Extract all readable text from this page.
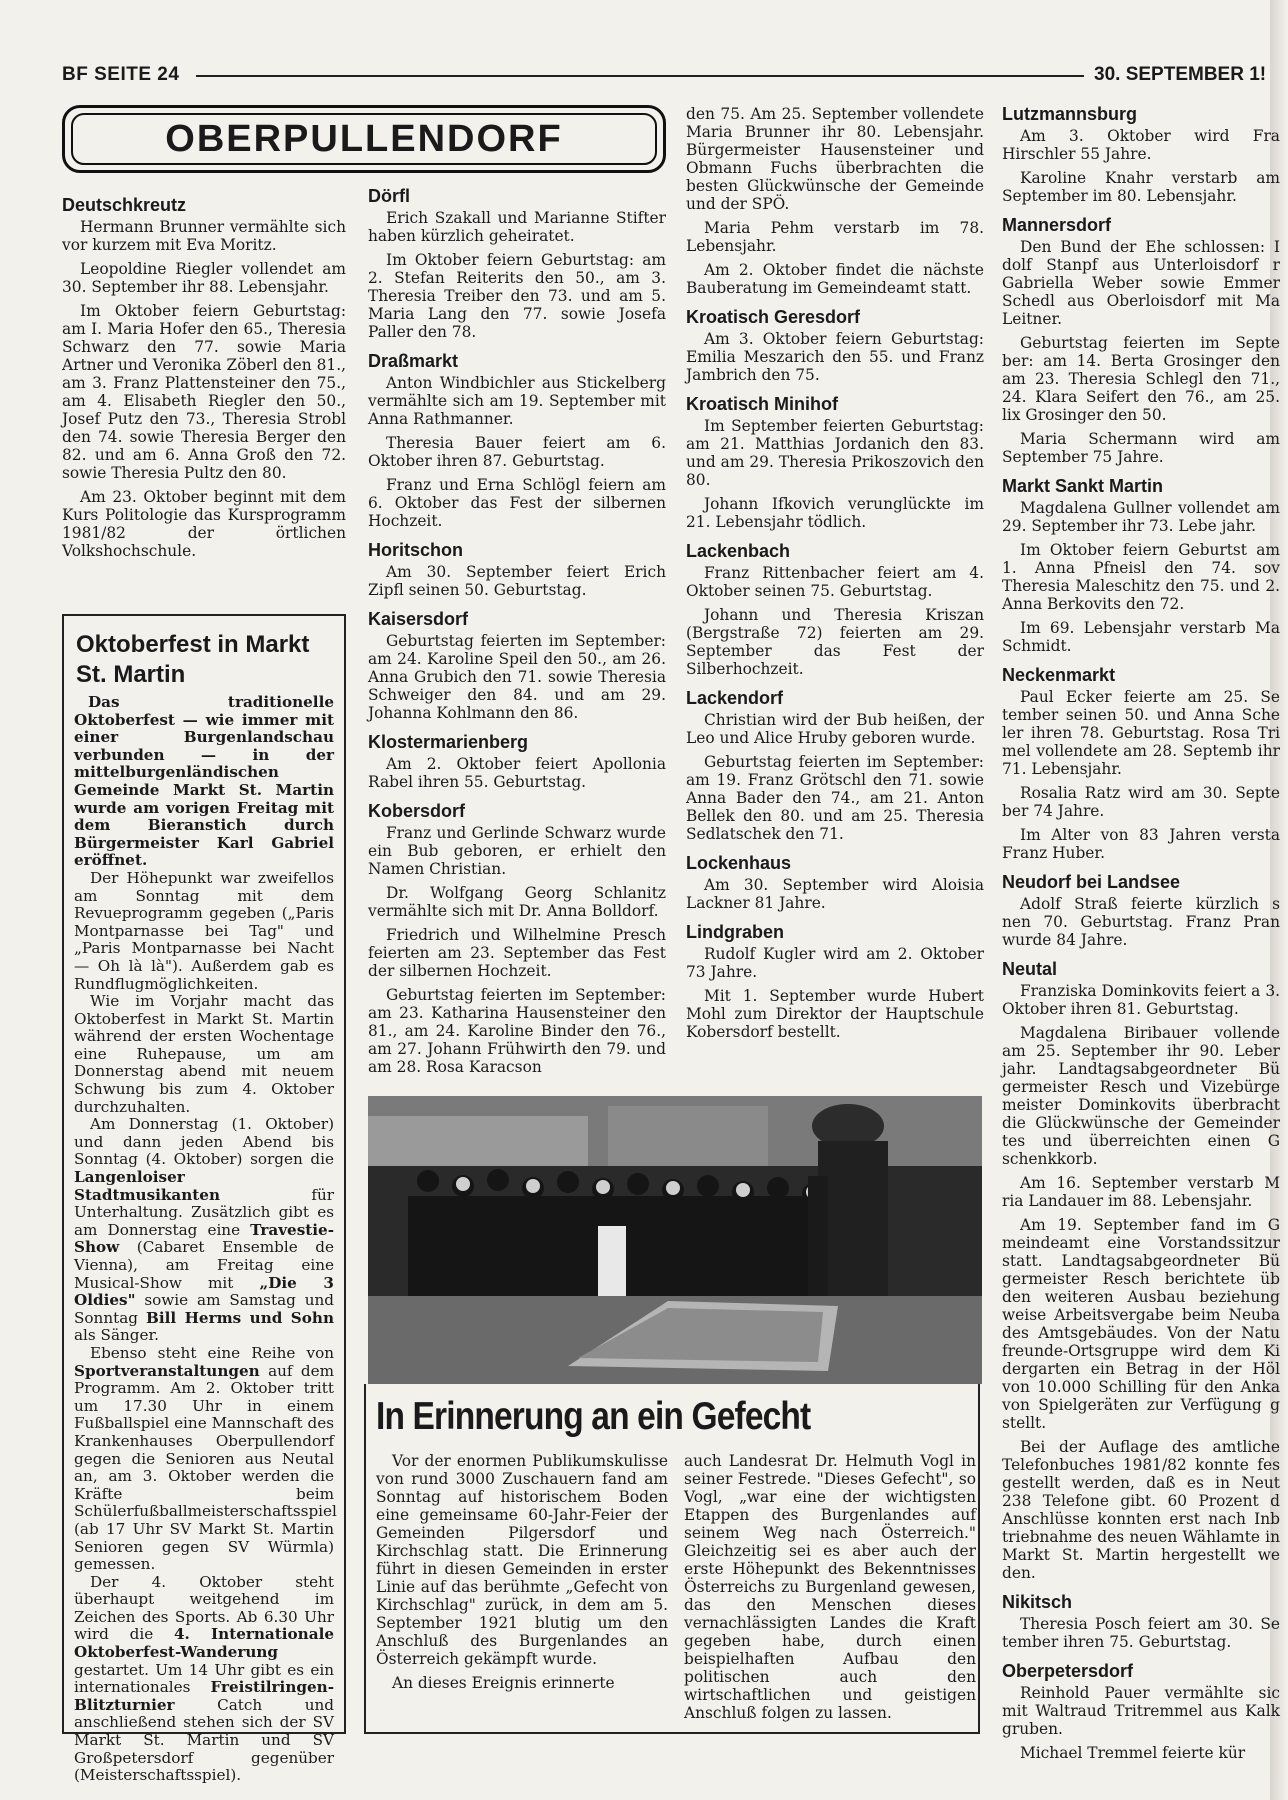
BF SEITE 24	30. SEPTEMBER 1!
OBERPULLENDORF
Deutschkreutz

Hermann Brunner vermählte sich vor kurzem mit Eva Moritz.

Leopoldine Riegler vollendet am 30. September ihr 88. Lebensjahr.

Im Oktober feiern Geburtstag: am I. Maria Hofer den 65., Theresia Schwarz den 77. sowie Maria Artner und Veronika Zöberl den 81., am 3. Franz Plattensteiner den 75., am 4. Elisabeth Riegler den 50., Josef Putz den 73., Theresia Strobl den 74. sowie Theresia Berger den 82. und am 6. Anna Groß den 72. sowie Theresia Pultz den 80.

Am 23. Oktober beginnt mit dem Kurs Politologie das Kursprogramm 1981/82 der örtlichen Volkshochschule.

Oktoberfest in Markt St. Martin

Das traditionelle Oktoberfest — wie immer mit einer Burgenlandschau verbunden — in der mittelburgenländischen Gemeinde Markt St. Martin wurde am vorigen Freitag mit dem Bieranstich durch Bürgermeister Karl Gabriel eröffnet.

Der Höhepunkt war zweifellos am Sonntag mit dem Revueprogramm gegeben („Paris Montparnasse bei Tag" und „Paris Montparnasse bei Nacht — Oh là là"). Außerdem gab es Rundflugmöglichkeiten.

Wie im Vorjahr macht das Oktoberfest in Markt St. Martin während der ersten Wochentage eine Ruhepause, um am Donnerstag abend mit neuem Schwung bis zum 4. Oktober durchzuhalten.

Am Donnerstag (1. Oktober) und dann jeden Abend bis Sonntag (4. Oktober) sorgen die Langenloiser Stadtmusikanten für Unterhaltung. Zusätzlich gibt es am Donnerstag eine Travestie-Show (Cabaret Ensemble de Vienna), am Freitag eine Musical-Show mit „Die 3 Oldies" sowie am Samstag und Sonntag Bill Herms und Sohn als Sänger.

Ebenso steht eine Reihe von Sportveranstaltungen auf dem Programm. Am 2. Oktober tritt um 17.30 Uhr in einem Fußballspiel eine Mannschaft des Krankenhauses Oberpullendorf gegen die Senioren aus Neutal an, am 3. Oktober werden die Kräfte beim Schülerfußballmeisterschaftsspiel (ab 17 Uhr SV Markt St. Martin Senioren gegen SV Würmla) gemessen.

Der 4. Oktober steht überhaupt weitgehend im Zeichen des Sports. Ab 6.30 Uhr wird die 4. Internationale Oktoberfest-Wanderung gestartet. Um 14 Uhr gibt es ein internationales Freistilringen-Blitzturnier Catch und anschließend stehen sich der SV Markt St. Martin und SV Großpetersdorf gegenüber (Meisterschaftsspiel).

Dörfl

Erich Szakall und Marianne Stifter haben kürzlich geheiratet.

Im Oktober feiern Geburtstag: am 2. Stefan Reiterits den 50., am 3. Theresia Treiber den 73. und am 5. Maria Lang den 77. sowie Josefa Paller den 78.

Draßmarkt

Anton Windbichler aus Stickelberg vermählte sich am 19. September mit Anna Rathmanner.

Theresia Bauer feiert am 6. Oktober ihren 87. Geburtstag.

Franz und Erna Schlögl feiern am 6. Oktober das Fest der silbernen Hochzeit.

Horitschon

Am 30. September feiert Erich Zipfl seinen 50. Geburtstag.

Kaisersdorf

Geburtstag feierten im September: am 24. Karoline Speil den 50., am 26. Anna Grubich den 71. sowie Theresia Schweiger den 84. und am 29. Johanna Kohlmann den 86.

Klostermarienberg

Am 2. Oktober feiert Apollonia Rabel ihren 55. Geburtstag.

Kobersdorf

Franz und Gerlinde Schwarz wurde ein Bub geboren, er erhielt den Namen Christian.

Dr. Wolfgang Georg Schlanitz vermählte sich mit Dr. Anna Bolldorf.

Friedrich und Wilhelmine Presch feierten am 23. September das Fest der silbernen Hochzeit.

Geburtstag feierten im September: am 23. Katharina Hausensteiner den 81., am 24. Karoline Binder den 76., am 27. Johann Frühwirth den 79. und am 28. Rosa Karacson

den 75. Am 25. September vollendete Maria Brunner ihr 80. Lebensjahr. Bürgermeister Hausensteiner und Obmann Fuchs überbrachten die besten Glückwünsche der Gemeinde und der SPÖ.

Maria Pehm verstarb im 78. Lebensjahr.

Am 2. Oktober findet die nächste Bauberatung im Gemeindeamt statt.

Kroatisch Geresdorf

Am 3. Oktober feiern Geburtstag: Emilia Meszarich den 55. und Franz Jambrich den 75.

Kroatisch Minihof

Im September feierten Geburtstag: am 21. Matthias Jordanich den 83. und am 29. Theresia Prikoszovich den 80.

Johann Ifkovich verunglückte im 21. Lebensjahr tödlich.

Lackenbach

Franz Rittenbacher feiert am 4. Oktober seinen 75. Geburtstag.

Johann und Theresia Kriszan (Bergstraße 72) feierten am 29. September das Fest der Silberhochzeit.

Lackendorf

Christian wird der Bub heißen, der Leo und Alice Hruby geboren wurde.

Geburtstag feierten im September: am 19. Franz Grötschl den 71. sowie Anna Bader den 74., am 21. Anton Bellek den 80. und am 25. Theresia Sedlatschek den 71.

Lockenhaus

Am 30. September wird Aloisia Lackner 81 Jahre.

Lindgraben

Rudolf Kugler wird am 2. Oktober 73 Jahre.

Mit 1. September wurde Hubert Mohl zum Direktor der Hauptschule Kobersdorf bestellt.

Lutzmannsburg

Am 3. Oktober wird Fra Hirschler 55 Jahre.

Karoline Knahr verstarb am September im 80. Lebensjahr.

Mannersdorf

Den Bund der Ehe schlossen: I dolf Stanpf aus Unterloisdorf r Gabriella Weber sowie Emmer Schedl aus Oberloisdorf mit Ma Leitner.

Geburtstag feierten im Septe ber: am 14. Berta Grosinger den am 23. Theresia Schlegl den 71., 24. Klara Seifert den 76., am 25. lix Grosinger den 50.

Maria Schermann wird am September 75 Jahre.

Markt Sankt Martin

Magdalena Gullner vollendet am 29. September ihr 73. Lebe jahr.

Im Oktober feiern Geburtst am 1. Anna Pfneisl den 74. sov Theresia Maleschitz den 75. und 2. Anna Berkovits den 72.

Im 69. Lebensjahr verstarb Ma Schmidt.

Neckenmarkt

Paul Ecker feierte am 25. Se tember seinen 50. und Anna Sche ler ihren 78. Geburtstag. Rosa Tri mel vollendete am 28. Septemb ihr 71. Lebensjahr.

Rosalia Ratz wird am 30. Septe ber 74 Jahre.

Im Alter von 83 Jahren versta Franz Huber.

Neudorf bei Landsee

Adolf Straß feierte kürzlich s nen 70. Geburtstag. Franz Pran wurde 84 Jahre.

Neutal

Franziska Dominkovits feiert a 3. Oktober ihren 81. Geburtstag.

Magdalena Biribauer vollende am 25. September ihr 90. Leber jahr. Landtagsabgeordneter Bü germeister Resch und Vizebürge meister Dominkovits überbracht die Glückwünsche der Gemeinder tes und überreichten einen G schenkkorb.

Am 16. September verstarb M ria Landauer im 88. Lebensjahr.

Am 19. September fand im G meindeamt eine Vorstandssitzur statt. Landtagsabgeordneter Bü germeister Resch berichtete üb den weiteren Ausbau beziehung weise Arbeitsvergabe beim Neuba des Amtsgebäudes. Von der Natu freunde-Ortsgruppe wird dem Ki dergarten ein Betrag in der Höl von 10.000 Schilling für den Anka von Spielgeräten zur Verfügung g stellt.

Bei der Auflage des amtliche Telefonbuches 1981/82 konnte fes gestellt werden, daß es in Neut 238 Telefone gibt. 60 Prozent d Anschlüsse konnten erst nach Inb triebnahme des neuen Wählamte in Markt St. Martin hergestellt we den.

Nikitsch

Theresia Posch feiert am 30. Se tember ihren 75. Geburtstag.

Oberpetersdorf

Reinhold Pauer vermählte sic mit Waltraud Tritremmel aus Kalk gruben.

Michael Tremmel feierte kür

In Erinnerung an ein Gefecht

Vor der enormen Publikumskulisse von rund 3000 Zuschauern fand am Sonntag auf historischem Boden eine gemeinsame 60-Jahr-Feier der Gemeinden Pilgersdorf und Kirchschlag statt. Die Erinnerung führt in diesen Gemeinden in erster Linie auf das berühmte „Gefecht von Kirchschlag" zurück, in dem am 5. September 1921 blutig um den Anschluß des Burgenlandes an Österreich gekämpft wurde.

An dieses Ereignis erinnerte

auch Landesrat Dr. Helmuth Vogl in seiner Festrede. "Dieses Gefecht", so Vogl, „war eine der wichtigsten Etappen des Burgenlandes auf seinem Weg nach Österreich." Gleichzeitig sei es aber auch der erste Höhepunkt des Bekenntnisses Österreichs zu Burgenland gewesen, das den Menschen dieses vernachlässigten Landes die Kraft gegeben habe, durch einen beispielhaften Aufbau den politischen auch den wirtschaftlichen und geistigen Anschluß folgen zu lassen.
